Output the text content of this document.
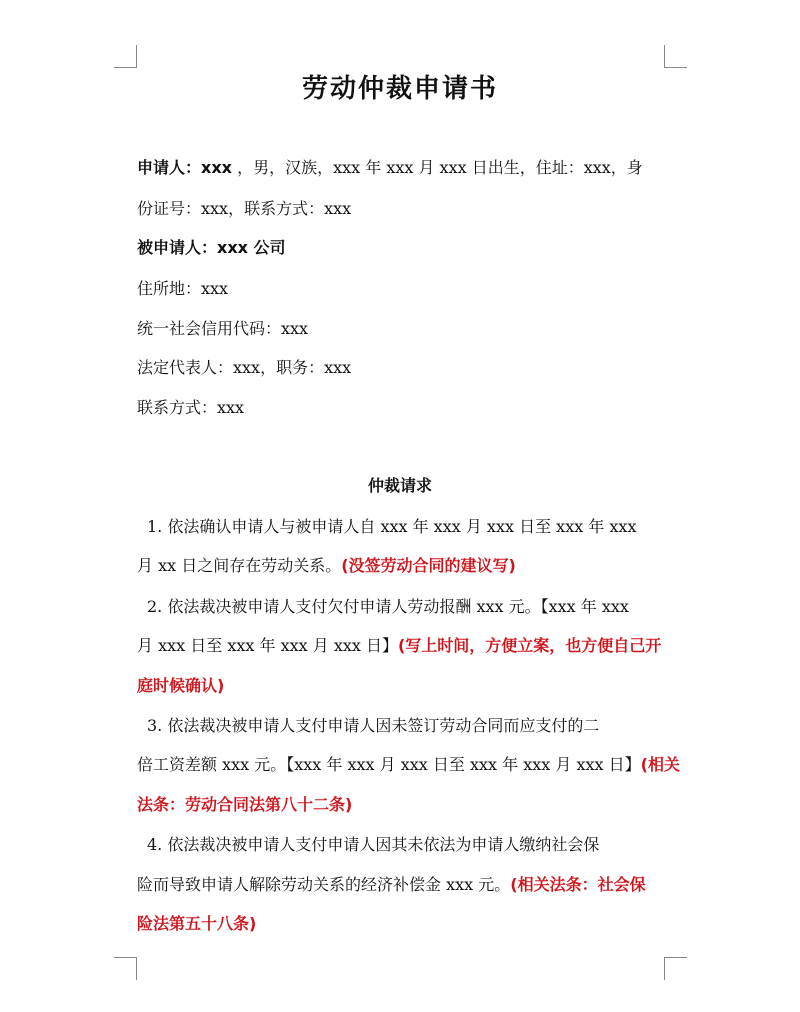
劳动仲裁申请书
申请人：xxx ，男，汉族，xxx 年 xxx 月 xxx 日出生，住址：xxx，身
份证号：xxx，联系方式：xxx
被申请人：xxx 公司
住所地：xxx
统一社会信用代码：xxx
法定代表人：xxx，职务：xxx
联系方式：xxx
仲裁请求
1. 依法确认申请人与被申请人自 xxx 年 xxx 月 xxx 日至 xxx 年 xxx
月 xx 日之间存在劳动关系。(没签劳动合同的建议写)
2. 依法裁决被申请人支付欠付申请人劳动报酬 xxx 元。【xxx 年 xxx
月 xxx 日至 xxx 年 xxx 月 xxx 日】(写上时间，方便立案，也方便自己开
庭时候确认)
3. 依法裁决被申请人支付申请人因未签订劳动合同而应支付的二
倍工资差额 xxx 元。【xxx 年 xxx 月 xxx 日至 xxx 年 xxx 月 xxx 日】(相关
法条：劳动合同法第八十二条)
4. 依法裁决被申请人支付申请人因其未依法为申请人缴纳社会保
险而导致申请人解除劳动关系的经济补偿金 xxx 元。(相关法条：社会保
险法第五十八条)
